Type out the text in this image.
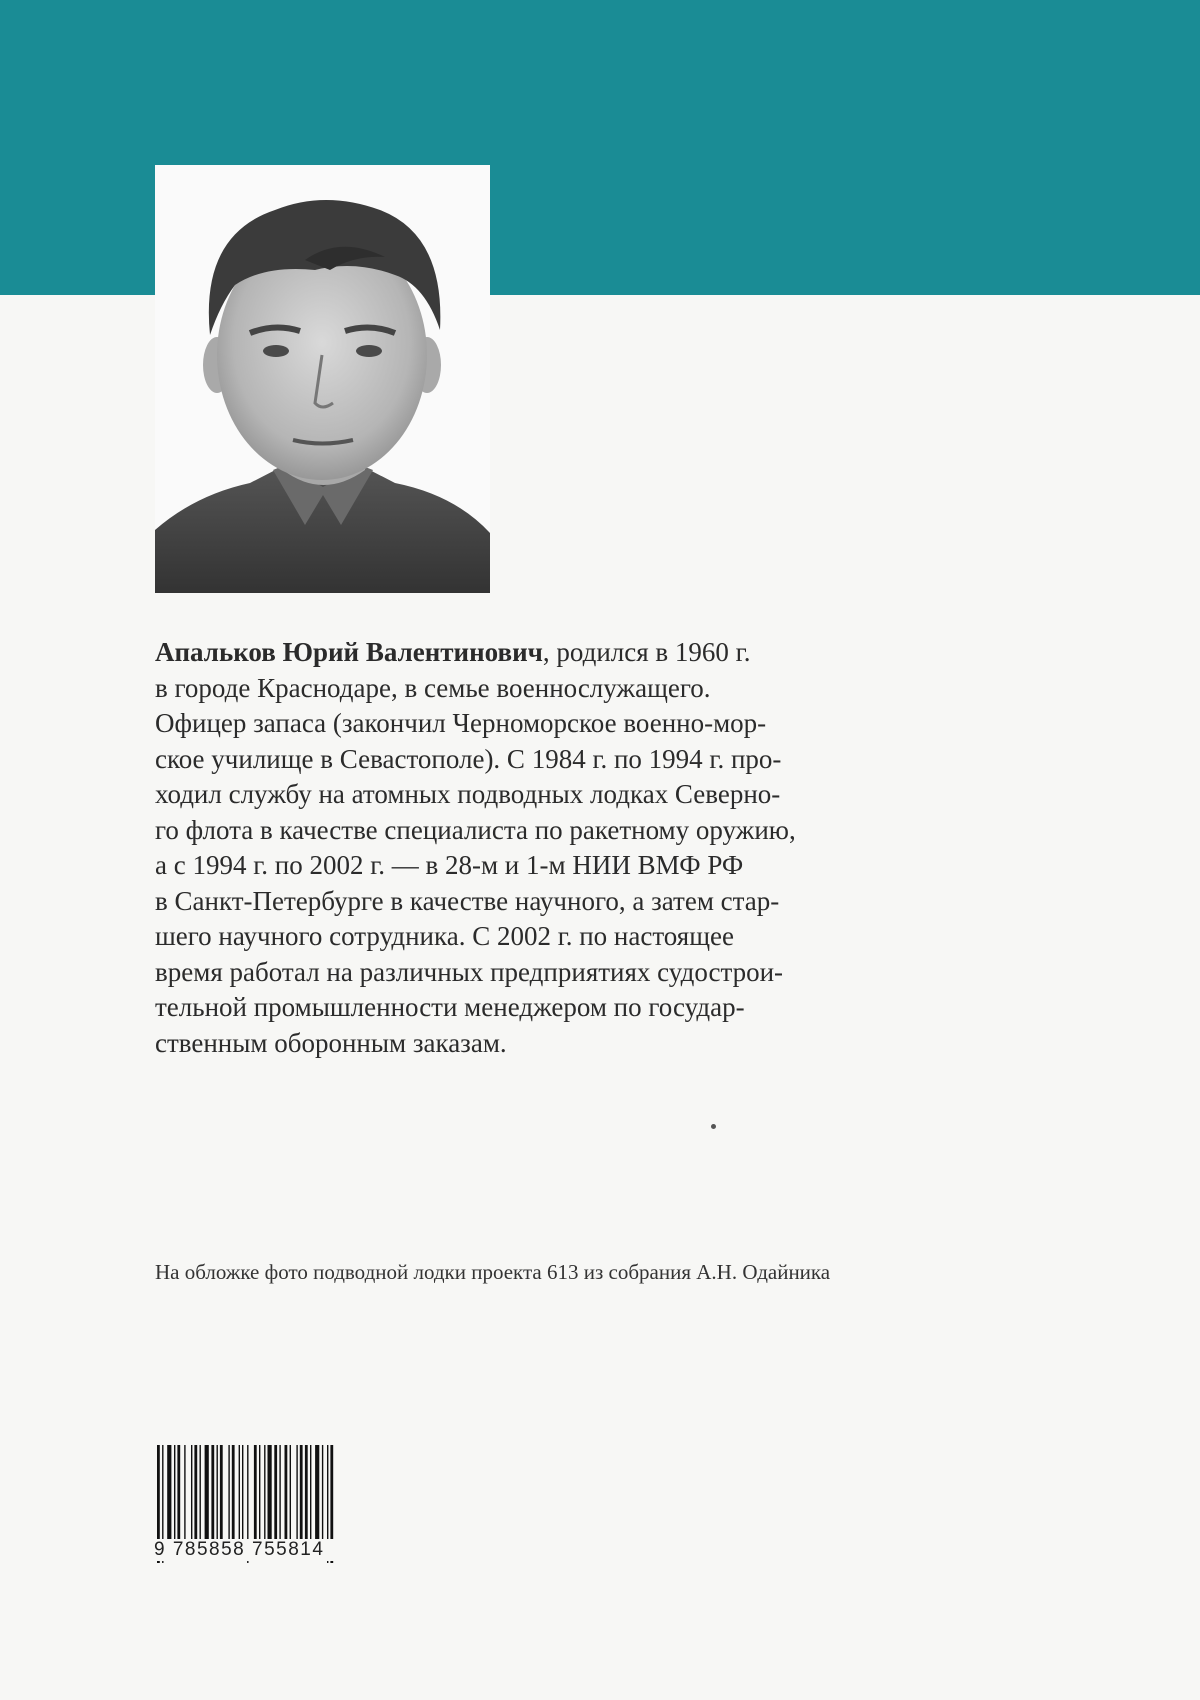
Апальков Юрий Валентинович, родился в 1960 г.
в городе Краснодаре, в семье военнослужащего.
Офицер запаса (закончил Черноморское военно-мор-
ское училище в Севастополе). С 1984 г. по 1994 г. про-
ходил службу на атомных подводных лодках Северно-
го флота в качестве специалиста по ракетному оружию,
а с 1994 г. по 2002 г. — в 28-м и 1-м НИИ ВМФ РФ
в Санкт-Петербурге в качестве научного, а затем стар-
шего научного сотрудника. С 2002 г. по настоящее
время работал на различных предприятиях судострои-
тельной промышленности менеджером по государ-
ственным оборонным заказам.
На обложке фото подводной лодки проекта 613 из собрания А.Н. Одайника
9 785858 755814
